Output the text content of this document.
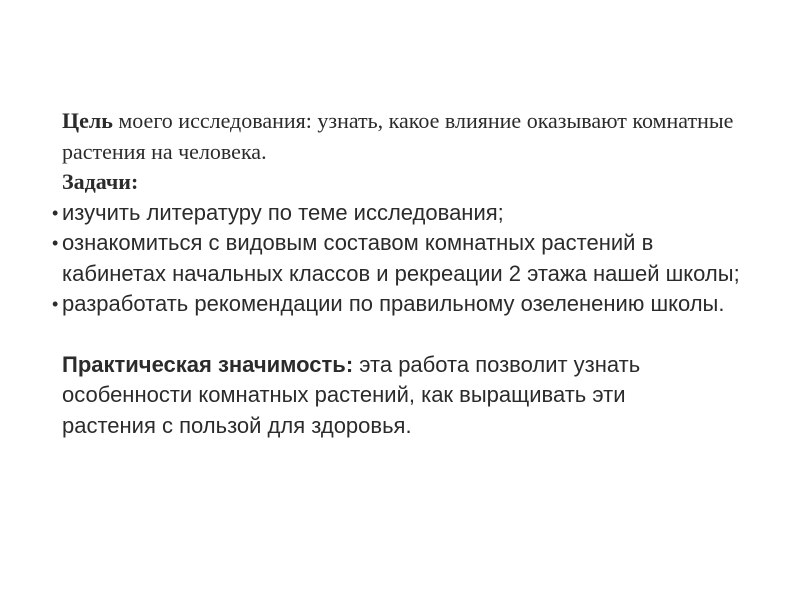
Цель моего исследования: узнать, какое влияние оказывают комнатные растения на человека.

Задачи:

• изучить литературу по теме исследования;
• ознакомиться с видовым составом комнатных растений в кабинетах начальных классов и рекреации 2 этажа нашей школы;
• разработать рекомендации по правильному озеленению школы.

Практическая значимость: эта работа позволит узнать особенности комнатных растений, как выращивать эти растения с пользой для здоровья.
